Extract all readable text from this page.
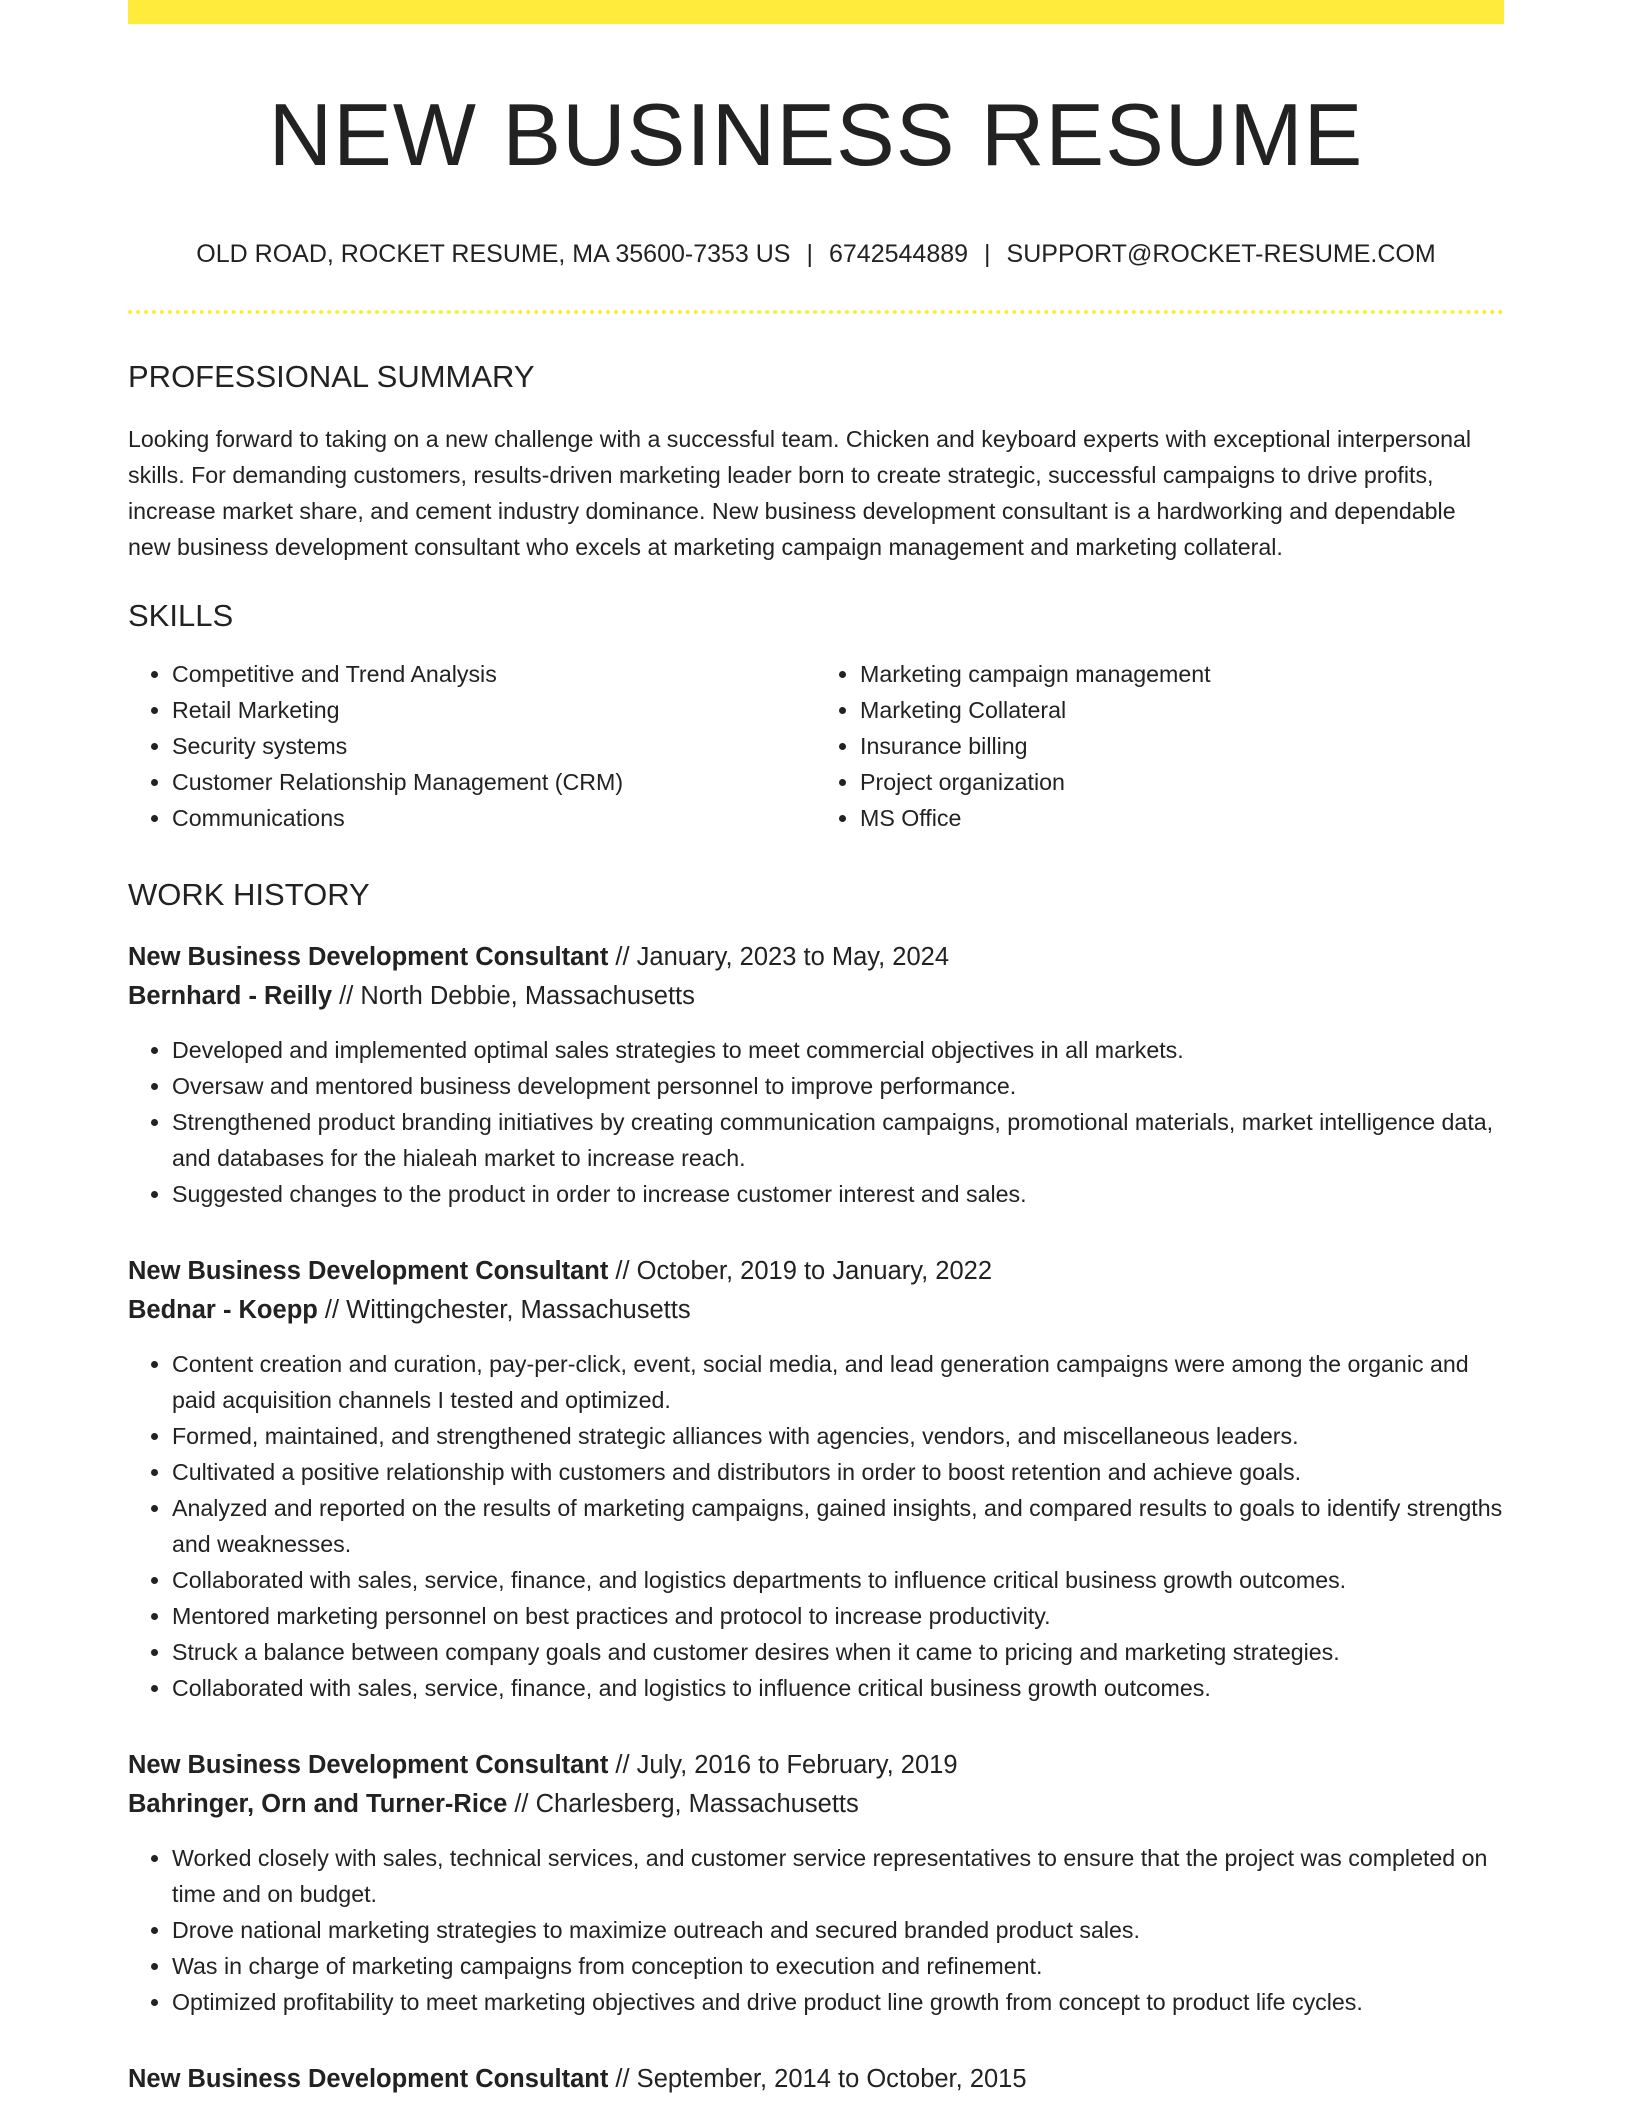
NEW BUSINESS RESUME
OLD ROAD, ROCKET RESUME, MA 35600-7353 US | 6742544889 | SUPPORT@ROCKET-RESUME.COM
PROFESSIONAL SUMMARY

Looking forward to taking on a new challenge with a successful team. Chicken and keyboard experts with exceptional interpersonal skills. For demanding customers, results-driven marketing leader born to create strategic, successful campaigns to drive profits, increase market share, and cement industry dominance. New business development consultant is a hardworking and dependable new business development consultant who excels at marketing campaign management and marketing collateral.

SKILLS
• Competitive and Trend Analysis
• Retail Marketing
• Security systems
• Customer Relationship Management (CRM)
• Communications
• Marketing campaign management
• Marketing Collateral
• Insurance billing
• Project organization
• MS Office
WORK HISTORY
New Business Development Consultant // January, 2023 to May, 2024
Bernhard - Reilly // North Debbie, Massachusetts
• Developed and implemented optimal sales strategies to meet commercial objectives in all markets.
• Oversaw and mentored business development personnel to improve performance.
• Strengthened product branding initiatives by creating communication campaigns, promotional materials, market intelligence data, and databases for the hialeah market to increase reach.
• Suggested changes to the product in order to increase customer interest and sales.
New Business Development Consultant // October, 2019 to January, 2022
Bednar - Koepp // Wittingchester, Massachusetts
• Content creation and curation, pay-per-click, event, social media, and lead generation campaigns were among the organic and paid acquisition channels I tested and optimized.
• Formed, maintained, and strengthened strategic alliances with agencies, vendors, and miscellaneous leaders.
• Cultivated a positive relationship with customers and distributors in order to boost retention and achieve goals.
• Analyzed and reported on the results of marketing campaigns, gained insights, and compared results to goals to identify strengths and weaknesses.
• Collaborated with sales, service, finance, and logistics departments to influence critical business growth outcomes.
• Mentored marketing personnel on best practices and protocol to increase productivity.
• Struck a balance between company goals and customer desires when it came to pricing and marketing strategies.
• Collaborated with sales, service, finance, and logistics to influence critical business growth outcomes.
New Business Development Consultant // July, 2016 to February, 2019
Bahringer, Orn and Turner-Rice // Charlesberg, Massachusetts
• Worked closely with sales, technical services, and customer service representatives to ensure that the project was completed on time and on budget.
• Drove national marketing strategies to maximize outreach and secured branded product sales.
• Was in charge of marketing campaigns from conception to execution and refinement.
• Optimized profitability to meet marketing objectives and drive product line growth from concept to product life cycles.
New Business Development Consultant // September, 2014 to October, 2015
